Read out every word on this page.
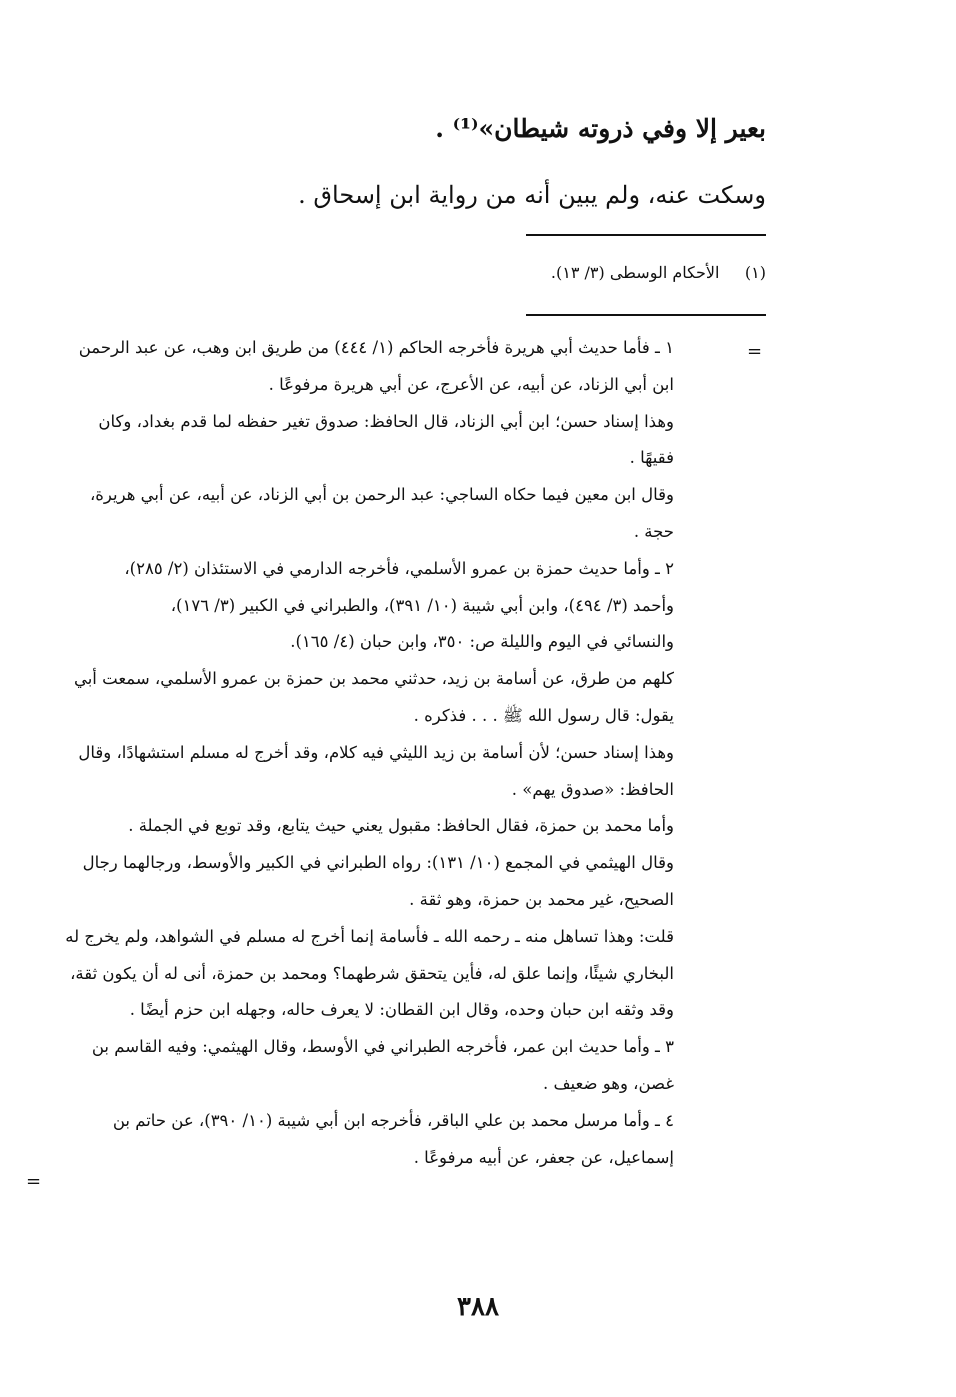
بعير إلا وفي ذروته شيطان»⁽¹⁾ .
وسكت عنه، ولم يبين أنه من رواية ابن إسحاق .
(١)     الأحكام الوسطى (٣/ ١٣).
=
١ ـ فأما حديث أبي هريرة فأخرجه الحاكم (١/ ٤٤٤) من طريق ابن وهب، عن عبد الرحمن
ابن أبي الزناد، عن أبيه، عن الأعرج، عن أبي هريرة مرفوعًا .
وهذا إسناد حسن؛ ابن أبي الزناد، قال الحافظ: صدوق تغير حفظه لما قدم بغداد، وكان
فقيهًا .
وقال ابن معين فيما حكاه الساجي: عبد الرحمن بن أبي الزناد، عن أبيه، عن أبي هريرة،
حجة .
٢ ـ وأما حديث حمزة بن عمرو الأسلمي، فأخرجه الدارمي في الاستئذان (٢/ ٢٨٥)،
وأحمد (٣/ ٤٩٤)، وابن أبي شيبة (١٠/ ٣٩١)، والطبراني في الكبير (٣/ ١٧٦)،
والنسائي في اليوم والليلة ص: ٣٥٠، وابن حبان (٤/ ١٦٥).
كلهم من طرق، عن أسامة بن زيد، حدثني محمد بن حمزة بن عمرو الأسلمي، سمعت أبي
يقول: قال رسول الله ﷺ . . . فذكره .
وهذا إسناد حسن؛ لأن أسامة بن زيد الليثي فيه كلام، وقد أخرج له مسلم استشهادًا، وقال
الحافظ: «صدوق يهم» .
وأما محمد بن حمزة، فقال الحافظ: مقبول يعني حيث يتابع، وقد توبع في الجملة .
وقال الهيثمي في المجمع (١٠/ ١٣١): رواه الطبراني في الكبير والأوسط، ورجالهما رجال
الصحيح، غير محمد بن حمزة، وهو ثقة .
قلت: وهذا تساهل منه ـ رحمه الله ـ فأسامة إنما أخرج له مسلم في الشواهد، ولم يخرج له
البخاري شيئًا، وإنما علق له، فأين يتحقق شرطهما؟ ومحمد بن حمزة، أنى له أن يكون ثقة،
وقد وثقه ابن حبان وحده، وقال ابن القطان: لا يعرف حاله، وجهله ابن حزم أيضًا .
٣ ـ وأما حديث ابن عمر، فأخرجه الطبراني في الأوسط، وقال الهيثمي: وفيه القاسم بن
غصن، وهو ضعيف .
٤ ـ وأما مرسل محمد بن علي الباقر، فأخرجه ابن أبي شيبة (١٠/ ٣٩٠)، عن حاتم بن
إسماعيل، عن جعفر، عن أبيه مرفوعًا .
=
٣٨٨
